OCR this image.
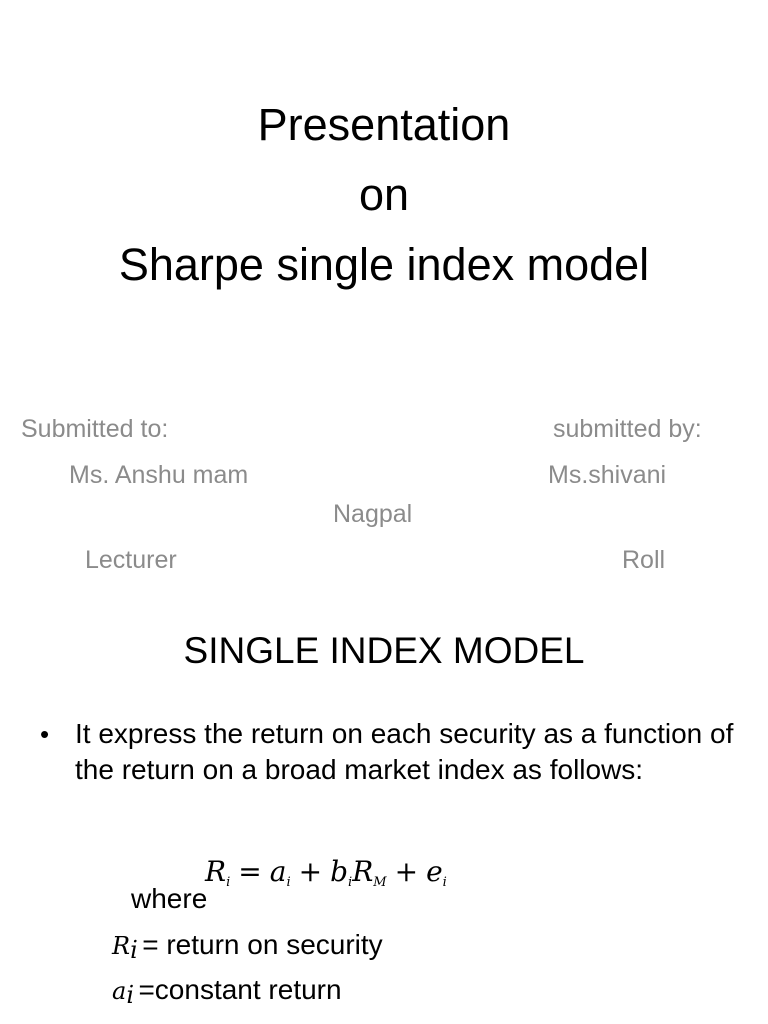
Presentation
on
Sharpe single index model
Submitted to:	submitted by:
Ms. Anshu mam	Ms.shivani
Nagpal
Lecturer	Roll
SINGLE INDEX MODEL
• It express the return on each security as a function of the return on a broad market index as follows:
$R_i = a_i + b_iR_M + e_i$
where
$R_i$ = return on security
$a_i$ =constant return
